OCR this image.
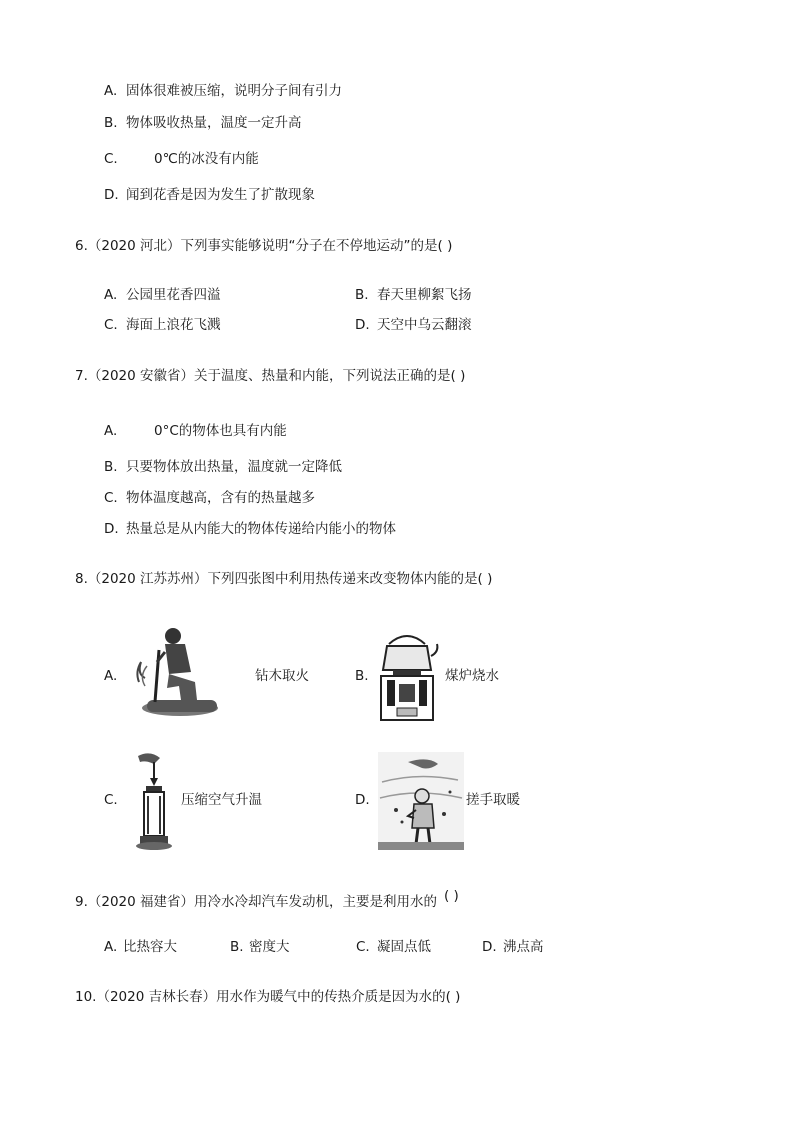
A. 固体很难被压缩，说明分子间有引力
B. 物体吸收热量，温度一定升高
C.	0℃的冰没有内能
D. 闻到花香是因为发生了扩散现象
6.（2020 河北）下列事实能够说明“分子在不停地运动”的是( )
A. 公园里花香四溢	B. 春天里柳絮飞扬
C. 海面上浪花飞溅	D. 天空中乌云翻滚
7.（2020 安徽省）关于温度、热量和内能，下列说法正确的是( )
A.	0°C的物体也具有内能
B. 只要物体放出热量，温度就一定降低
C. 物体温度越高，含有的热量越多
D. 热量总是从内能大的物体传递给内能小的物体
8.（2020 江苏苏州）下列四张图中利用热传递来改变物体内能的是( )
A.	钻木取火	B.	煤炉烧水
C.	压缩空气升温	D.	搓手取暖
9.（2020 福建省）用冷水冷却汽车发动机，主要是利用水的 ( )
A. 比热容大	B. 密度大	C. 凝固点低	D. 沸点高
10.（2020 吉林长春）用水作为暖气中的传热介质是因为水的( )
